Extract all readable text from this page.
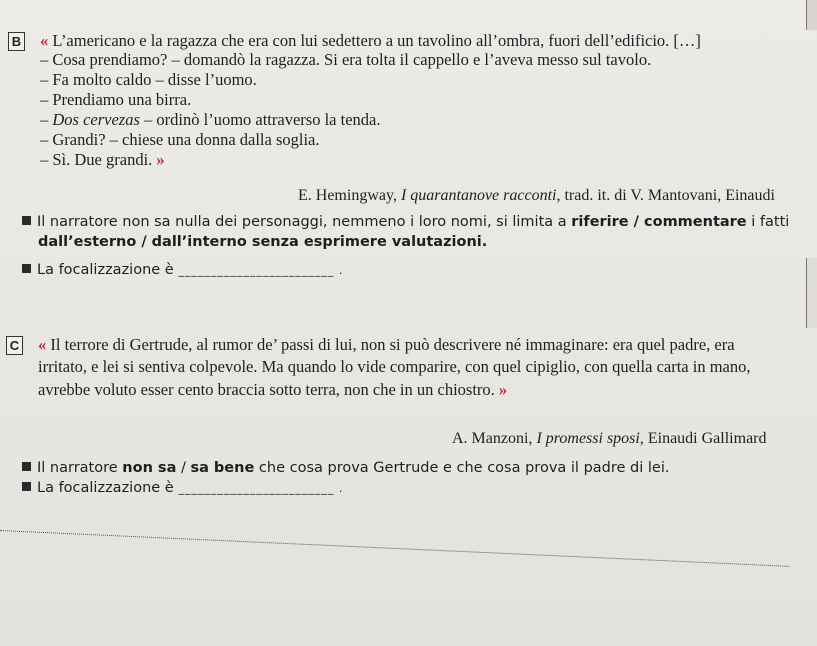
B « L’americano e la ragazza che era con lui sedettero a un tavolino all’ombra, fuori dell’edificio. […]
– Cosa prendiamo? – domandò la ragazza. Si era tolta il cappello e l’aveva messo sul tavolo.
– Fa molto caldo – disse l’uomo.
– Prendiamo una birra.
– Dos cervezas – ordinò l’uomo attraverso la tenda.
– Grandi? – chiese una donna dalla soglia.
– Sì. Due grandi. »
E. Hemingway, I quarantanove racconti, trad. it. di V. Mantovani, Einaudi
Il narratore non sa nulla dei personaggi, nemmeno i loro nomi, si limita a riferire / commentare i fatti
dall’esterno / dall’interno senza esprimere valutazioni.
La focalizzazione è ________________________ .
C « Il terrore di Gertrude, al rumor de’ passi di lui, non si può descrivere né immaginare: era quel padre, era
irritato, e lei si sentiva colpevole. Ma quando lo vide comparire, con quel cipiglio, con quella carta in mano,
avrebbe voluto esser cento braccia sotto terra, non che in un chiostro. »
A. Manzoni, I promessi sposi, Einaudi Gallimard
Il narratore non sa / sa bene che cosa prova Gertrude e che cosa prova il padre di lei.
La focalizzazione è ________________________ .
